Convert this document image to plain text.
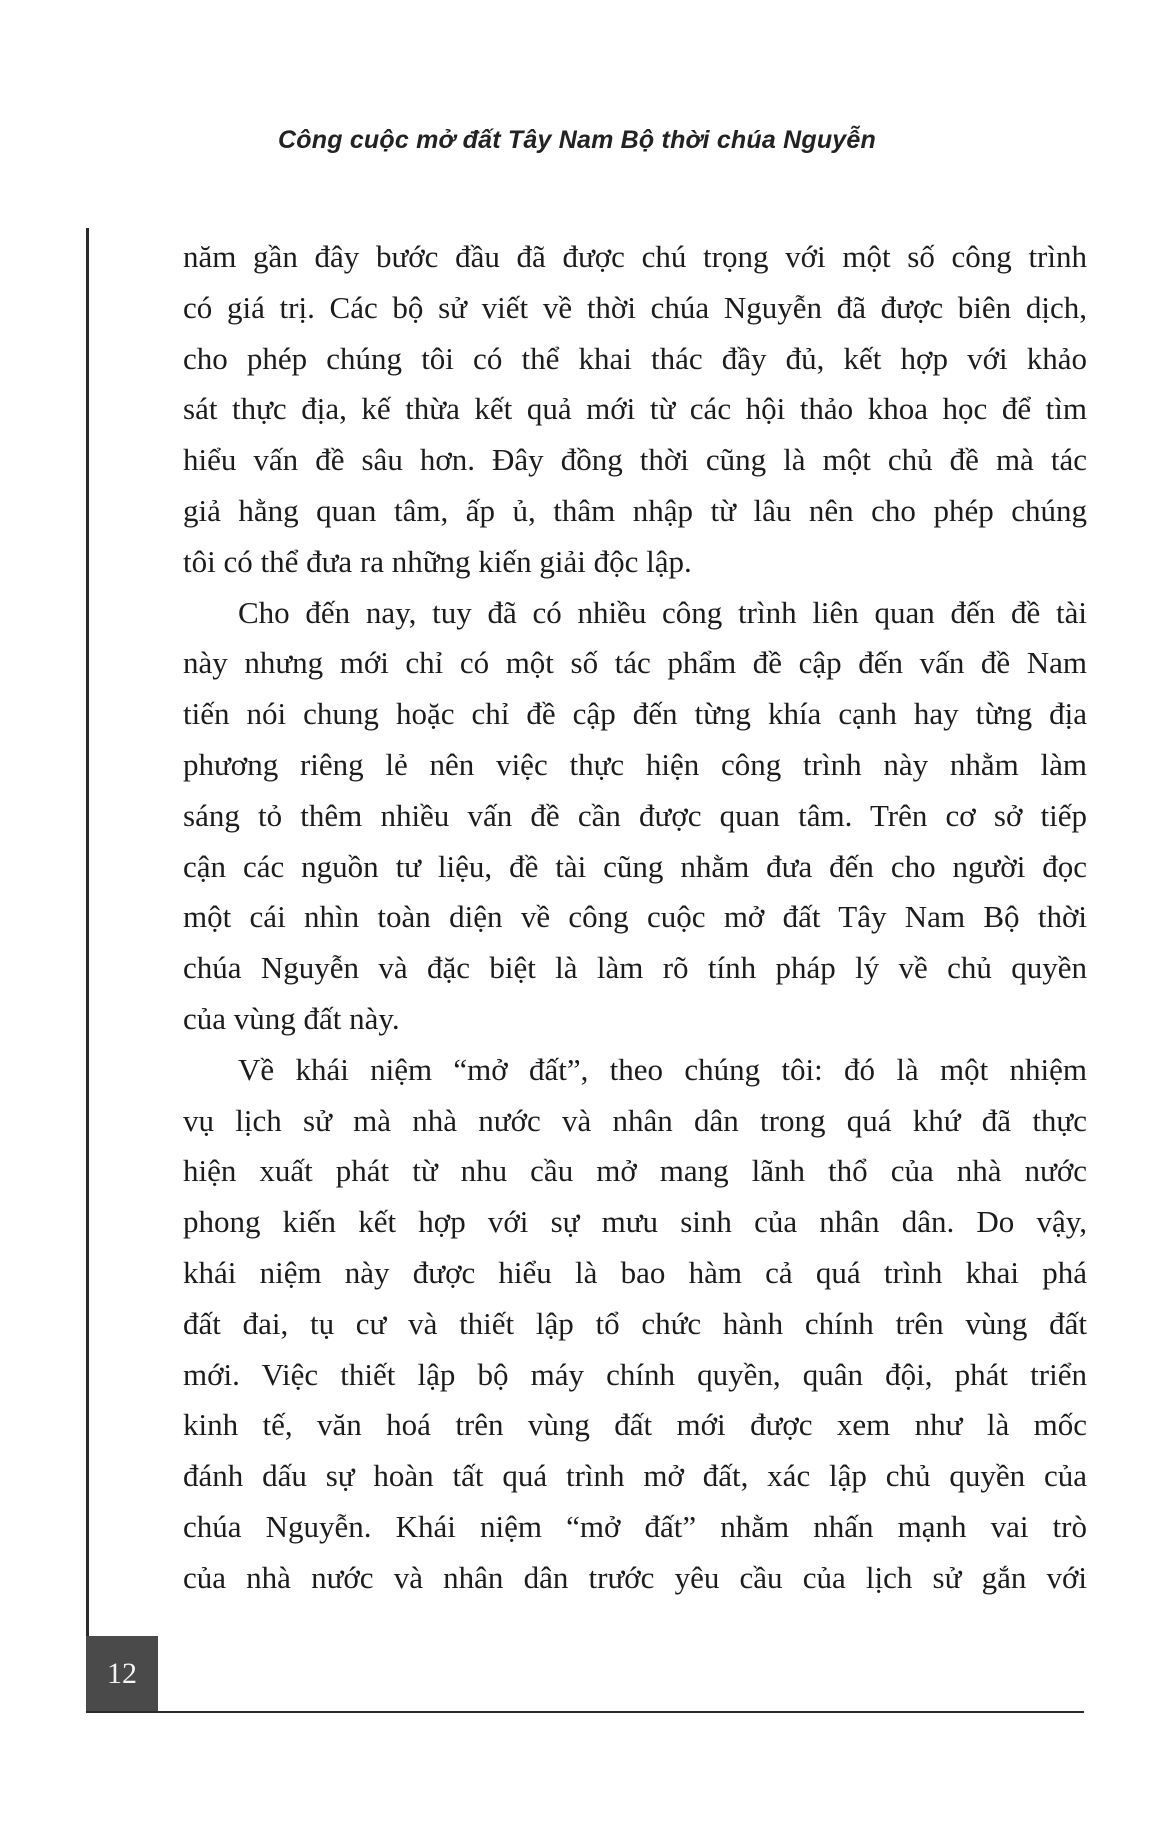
Công cuộc mở đất Tây Nam Bộ thời chúa Nguyễn
năm gần đây bước đầu đã được chú trọng với một số công trình
có giá trị. Các bộ sử viết về thời chúa Nguyễn đã được biên dịch,
cho phép chúng tôi có thể khai thác đầy đủ, kết hợp với khảo
sát thực địa, kế thừa kết quả mới từ các hội thảo khoa học để tìm
hiểu vấn đề sâu hơn. Đây đồng thời cũng là một chủ đề mà tác
giả hằng quan tâm, ấp ủ, thâm nhập từ lâu nên cho phép chúng
tôi có thể đưa ra những kiến giải độc lập.
Cho đến nay, tuy đã có nhiều công trình liên quan đến đề tài
này nhưng mới chỉ có một số tác phẩm đề cập đến vấn đề Nam
tiến nói chung hoặc chỉ đề cập đến từng khía cạnh hay từng địa
phương riêng lẻ nên việc thực hiện công trình này nhằm làm
sáng tỏ thêm nhiều vấn đề cần được quan tâm. Trên cơ sở tiếp
cận các nguồn tư liệu, đề tài cũng nhằm đưa đến cho người đọc
một cái nhìn toàn diện về công cuộc mở đất Tây Nam Bộ thời
chúa Nguyễn và đặc biệt là làm rõ tính pháp lý về chủ quyền
của vùng đất này.
Về khái niệm “mở đất”, theo chúng tôi: đó là một nhiệm
vụ lịch sử mà nhà nước và nhân dân trong quá khứ đã thực
hiện xuất phát từ nhu cầu mở mang lãnh thổ của nhà nước
phong kiến kết hợp với sự mưu sinh của nhân dân. Do vậy,
khái niệm này được hiểu là bao hàm cả quá trình khai phá
đất đai, tụ cư và thiết lập tổ chức hành chính trên vùng đất
mới. Việc thiết lập bộ máy chính quyền, quân đội, phát triển
kinh tế, văn hoá trên vùng đất mới được xem như là mốc
đánh dấu sự hoàn tất quá trình mở đất, xác lập chủ quyền của
chúa Nguyễn. Khái niệm “mở đất” nhằm nhấn mạnh vai trò
của nhà nước và nhân dân trước yêu cầu của lịch sử gắn với
12
